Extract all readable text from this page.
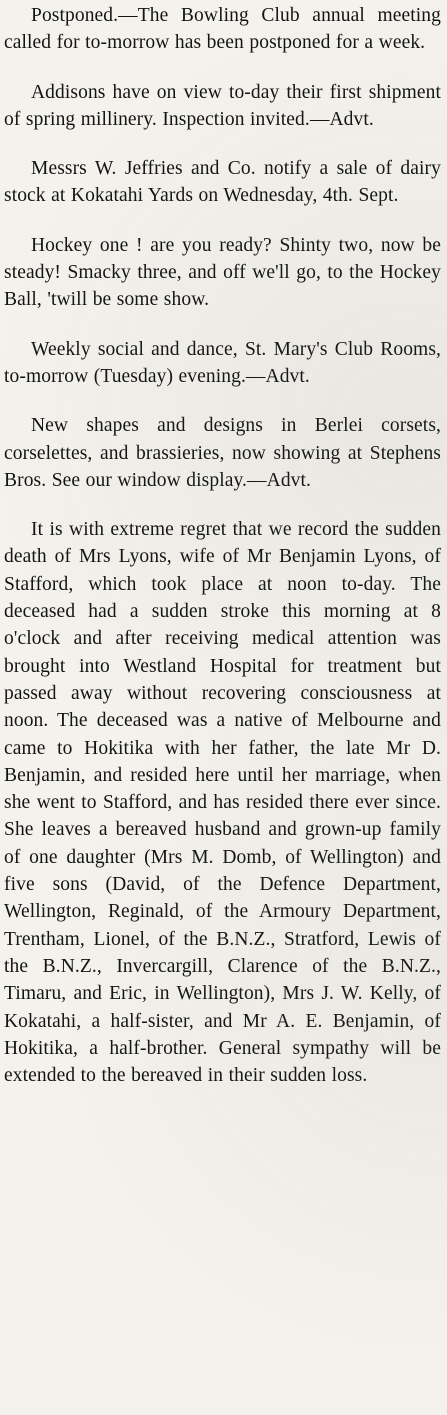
Postponed.—The Bowling Club annual meeting called for to-morrow has been postponed for a week.

Addisons have on view to-day their first shipment of spring millinery. Inspection invited.—Advt.

Messrs W. Jeffries and Co. notify a sale of dairy stock at Kokatahi Yards on Wednesday, 4th. Sept.

Hockey one ! are you ready? Shinty two, now be steady! Smacky three, and off we'll go, to the Hockey Ball, 'twill be some show.

Weekly social and dance, St. Mary's Club Rooms, to-morrow (Tuesday) evening.—Advt.

New shapes and designs in Berlei corsets, corselettes, and brassieries, now showing at Stephens Bros. See our window display.—Advt.

It is with extreme regret that we record the sudden death of Mrs Lyons, wife of Mr Benjamin Lyons, of Stafford, which took place at noon to-day. The deceased had a sudden stroke this morning at 8 o'clock and after receiving medical attention was brought into Westland Hospital for treatment but passed away without recovering consciousness at noon. The deceased was a native of Melbourne and came to Hokitika with her father, the late Mr D. Benjamin, and resided here until her marriage, when she went to Stafford, and has resided there ever since. She leaves a bereaved husband and grown-up family of one daughter (Mrs M. Domb, of Wellington) and five sons (David, of the Defence Department, Wellington, Reginald, of the Armoury Department, Trentham, Lionel, of the B.N.Z., Stratford, Lewis of the B.N.Z., Invercargill, Clarence of the B.N.Z., Timaru, and Eric, in Wellington), Mrs J. W. Kelly, of Kokatahi, a half-sister, and Mr A. E. Benjamin, of Hokitika, a half-brother. General sympathy will be extended to the bereaved in their sudden loss.
